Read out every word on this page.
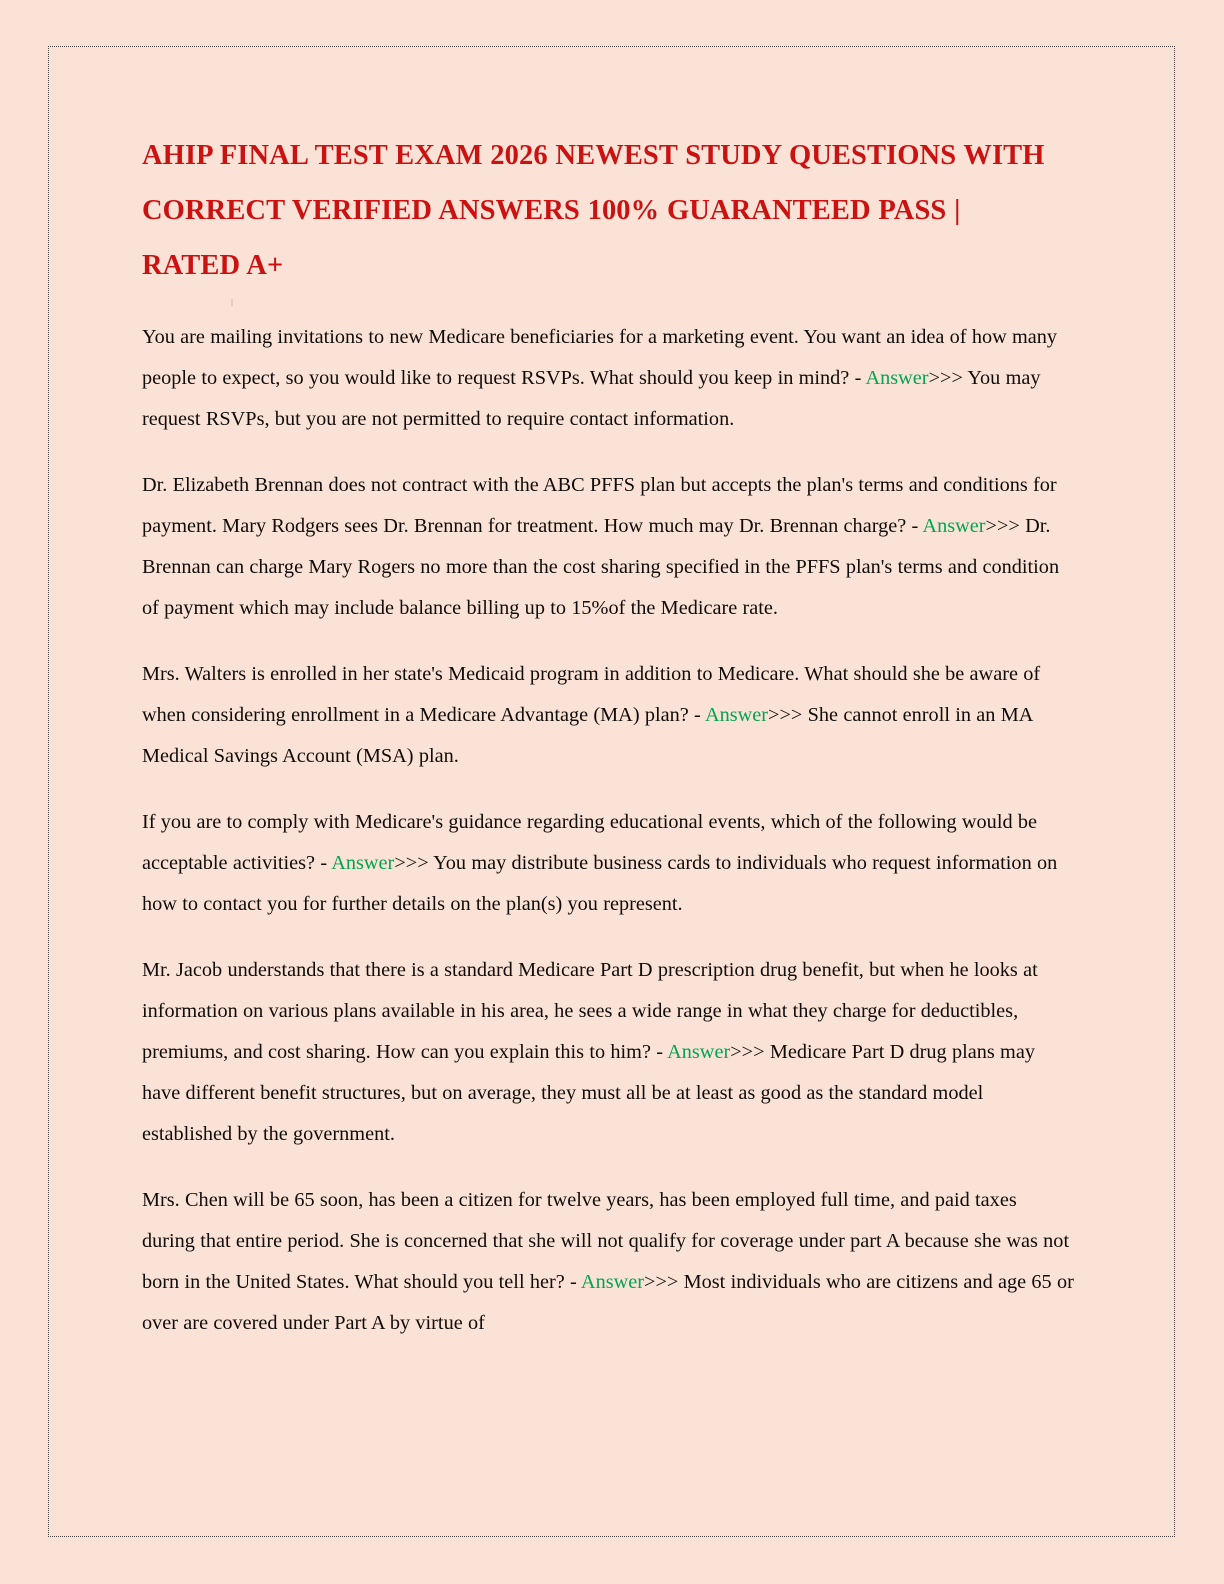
AHIP FINAL TEST EXAM 2026 NEWEST STUDY QUESTIONS WITH CORRECT VERIFIED ANSWERS 100% GUARANTEED PASS | RATED A+

You are mailing invitations to new Medicare beneficiaries for a marketing event. You want an idea of how many people to expect, so you would like to request RSVPs. What should you keep in mind? - Answer>>> You may request RSVPs, but you are not permitted to require contact information.

Dr. Elizabeth Brennan does not contract with the ABC PFFS plan but accepts the plan's terms and conditions for payment. Mary Rodgers sees Dr. Brennan for treatment. How much may Dr. Brennan charge? - Answer>>> Dr. Brennan can charge Mary Rogers no more than the cost sharing specified in the PFFS plan's terms and condition of payment which may include balance billing up to 15%of the Medicare rate.

Mrs. Walters is enrolled in her state's Medicaid program in addition to Medicare. What should she be aware of when considering enrollment in a Medicare Advantage (MA) plan? - Answer>>> She cannot enroll in an MA Medical Savings Account (MSA) plan.

If you are to comply with Medicare's guidance regarding educational events, which of the following would be acceptable activities? - Answer>>> You may distribute business cards to individuals who request information on how to contact you for further details on the plan(s) you represent.

Mr. Jacob understands that there is a standard Medicare Part D prescription drug benefit, but when he looks at information on various plans available in his area, he sees a wide range in what they charge for deductibles, premiums, and cost sharing. How can you explain this to him? - Answer>>> Medicare Part D drug plans may have different benefit structures, but on average, they must all be at least as good as the standard model established by the government.

Mrs. Chen will be 65 soon, has been a citizen for twelve years, has been employed full time, and paid taxes during that entire period. She is concerned that she will not qualify for coverage under part A because she was not born in the United States. What should you tell her? - Answer>>> Most individuals who are citizens and age 65 or over are covered under Part A by virtue of
